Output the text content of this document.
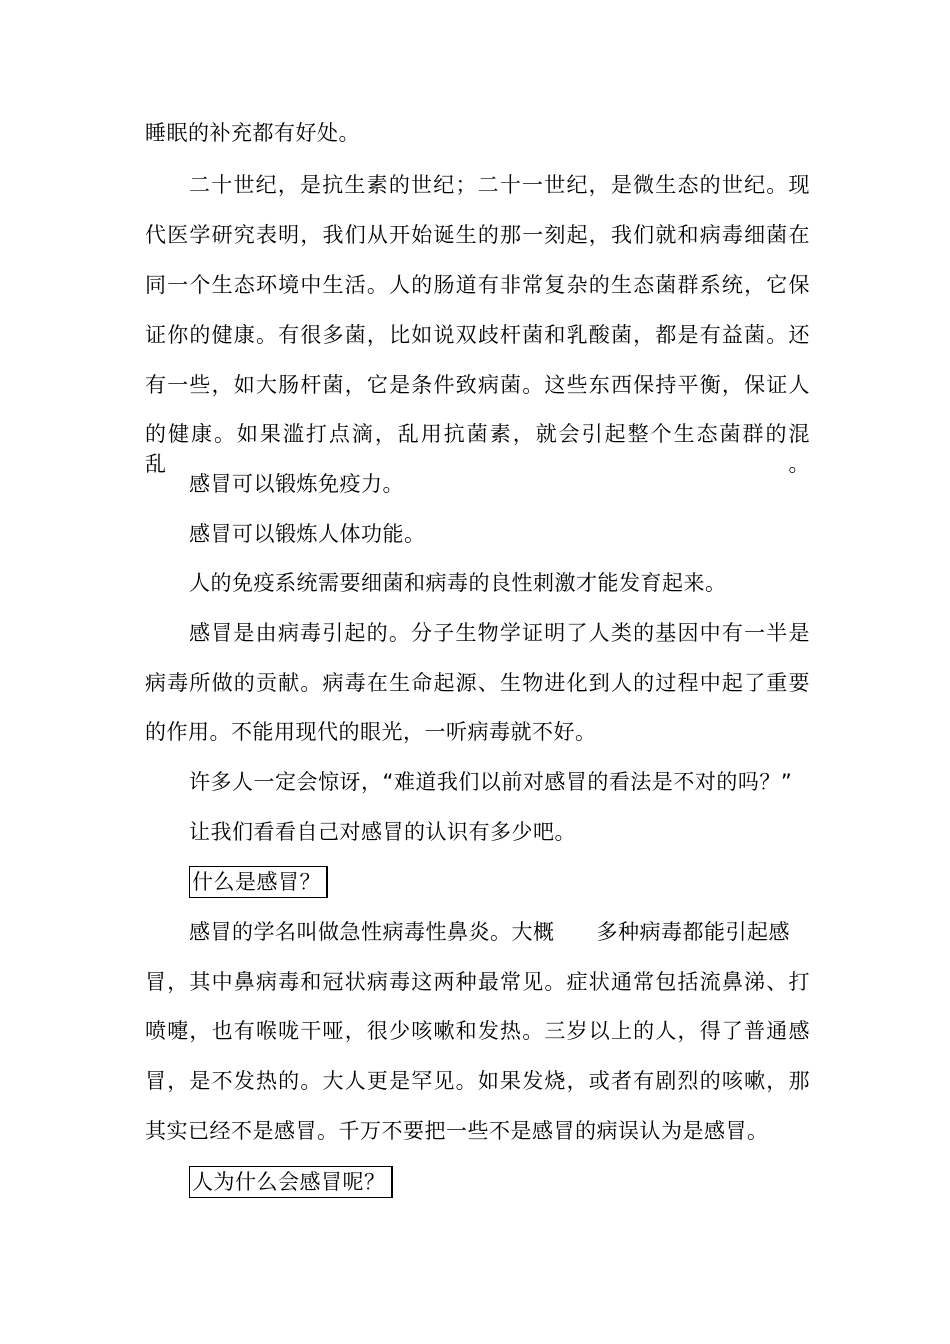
睡眠的补充都有好处。
二十世纪，是抗生素的世纪；二十一世纪，是微生态的世纪。现
代医学研究表明，我们从开始诞生的那一刻起，我们就和病毒细菌在
同一个生态环境中生活。人的肠道有非常复杂的生态菌群系统，它保
证你的健康。有很多菌，比如说双歧杆菌和乳酸菌，都是有益菌。还
有一些，如大肠杆菌，它是条件致病菌。这些东西保持平衡，保证人
的健康。如果滥打点滴，乱用抗菌素，就会引起整个生态菌群的混乱。
感冒可以锻炼免疫力。
感冒可以锻炼人体功能。
人的免疫系统需要细菌和病毒的良性刺激才能发育起来。
感冒是由病毒引起的。分子生物学证明了人类的基因中有一半是
病毒所做的贡献。病毒在生命起源、生物进化到人的过程中起了重要
的作用。不能用现代的眼光，一听病毒就不好。
许多人一定会惊讶，“难道我们以前对感冒的看法是不对的吗？”
让我们看看自己对感冒的认识有多少吧。
什么是感冒？
感冒的学名叫做急性病毒性鼻炎。大概 多种病毒都能引起感
冒，其中鼻病毒和冠状病毒这两种最常见。症状通常包括流鼻涕、打
喷嚏，也有喉咙干哑，很少咳嗽和发热。三岁以上的人，得了普通感
冒，是不发热的。大人更是罕见。如果发烧，或者有剧烈的咳嗽，那
其实已经不是感冒。千万不要把一些不是感冒的病误认为是感冒。
人为什么会感冒呢？
